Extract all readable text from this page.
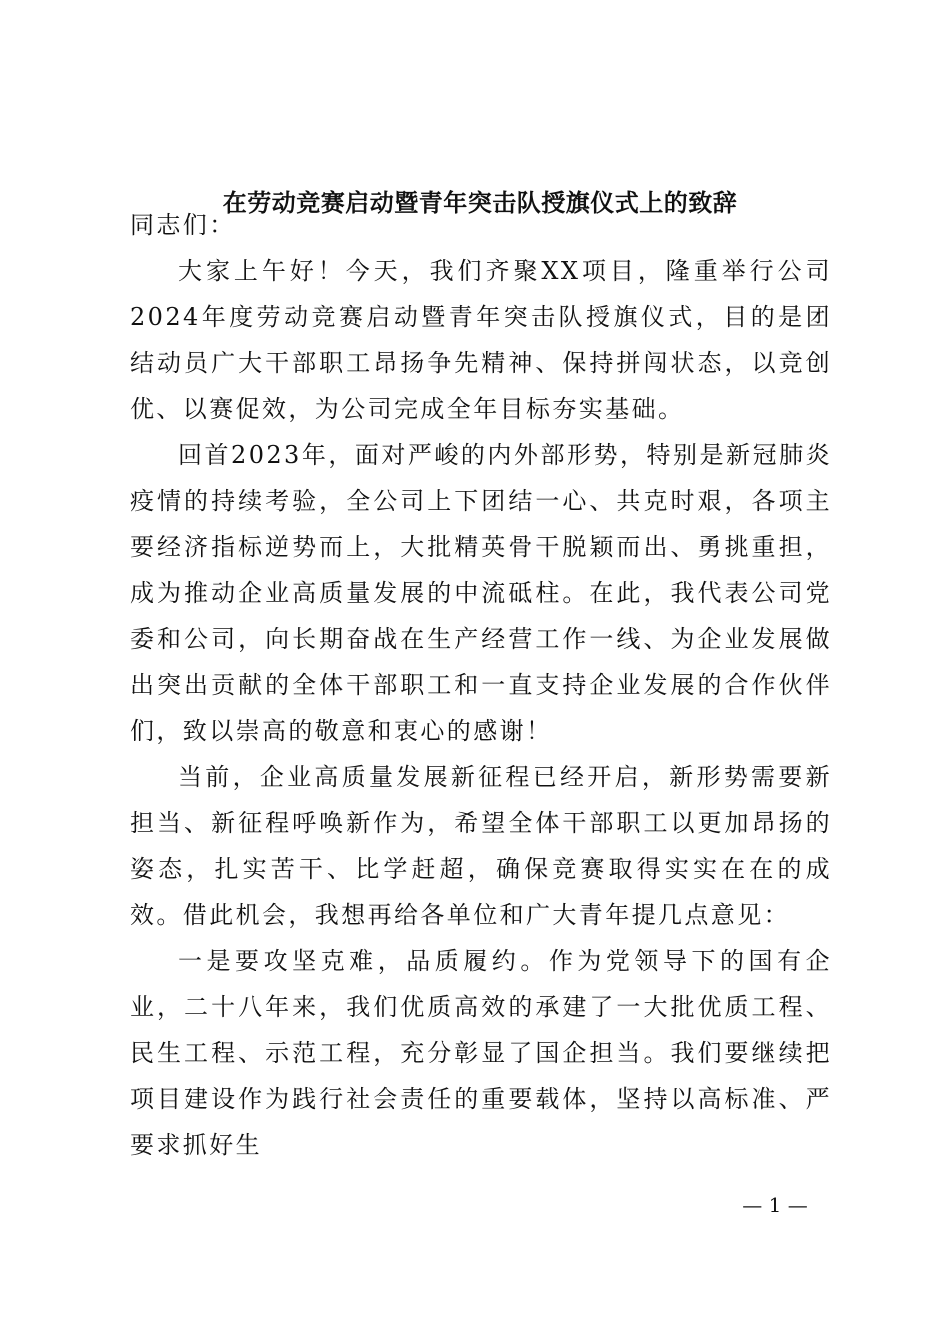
在劳动竞赛启动暨青年突击队授旗仪式上的致辞

同志们：

大家上午好！今天，我们齐聚XX项目，隆重举行公司2024年度劳动竞赛启动暨青年突击队授旗仪式，目的是团结动员广大干部职工昂扬争先精神、保持拼闯状态，以竞创优、以赛促效，为公司完成全年目标夯实基础。

回首2023年，面对严峻的内外部形势，特别是新冠肺炎疫情的持续考验，全公司上下团结一心、共克时艰，各项主要经济指标逆势而上，大批精英骨干脱颖而出、勇挑重担，成为推动企业高质量发展的中流砥柱。在此，我代表公司党委和公司，向长期奋战在生产经营工作一线、为企业发展做出突出贡献的全体干部职工和一直支持企业发展的合作伙伴们，致以崇高的敬意和衷心的感谢！

当前，企业高质量发展新征程已经开启，新形势需要新担当、新征程呼唤新作为，希望全体干部职工以更加昂扬的姿态，扎实苦干、比学赶超，确保竞赛取得实实在在的成效。借此机会，我想再给各单位和广大青年提几点意见：

一是要攻坚克难，品质履约。作为党领导下的国有企业，二十八年来，我们优质高效的承建了一大批优质工程、民生工程、示范工程，充分彰显了国企担当。我们要继续把项目建设作为践行社会责任的重要载体，坚持以高标准、严要求抓好生

— 1 —
